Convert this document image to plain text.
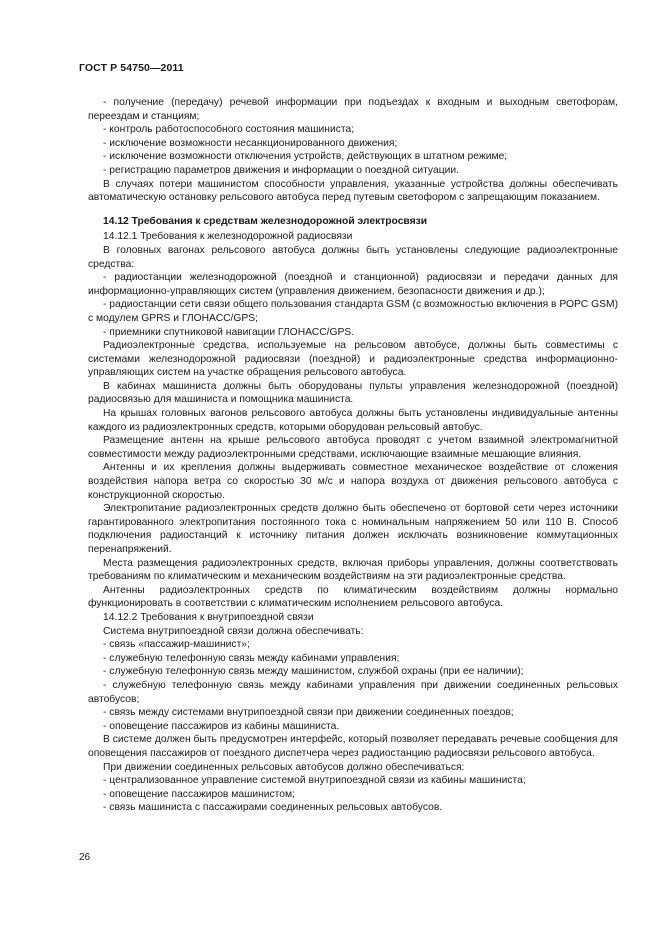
ГОСТ Р 54750—2011

- получение (передачу) речевой информации при подъездах к входным и выходным светофорам, переездам и станциям;

- контроль работоспособного состояния машиниста;

- исключение возможности несанкционированного движения;

- исключение возможности отключения устройств, действующих в штатном режиме;

- регистрацию параметров движения и информации о поездной ситуации.

В случаях потери машинистом способности управления, указанные устройства должны обеспечивать автоматическую остановку рельсового автобуса перед путевым светофором с запрещающим показанием.

14.12 Требования к средствам железнодорожной электросвязи

14.12.1 Требования к железнодорожной радиосвязи

В головных вагонах рельсового автобуса должны быть установлены следующие радиоэлектронные средства:

- радиостанции железнодорожной (поездной и станционной) радиосвязи и передачи данных для информационно-управляющих систем (управления движением, безопасности движения и др.);

- радиостанции сети связи общего пользования стандарта GSM (с возможностью включения в РОРС GSM) с модулем GPRS и ГЛОНАСС/GPS;

- приемники спутниковой навигации ГЛОНАСС/GPS.

Радиоэлектронные средства, используемые на рельсовом автобусе, должны быть совместимы с системами железнодорожной радиосвязи (поездной) и радиоэлектронные средства информационно-управляющих систем на участке обращения рельсового автобуса.

В кабинах машиниста должны быть оборудованы пульты управления железнодорожной (поездной) радиосвязью для машиниста и помощника машиниста.

На крышах головных вагонов рельсового автобуса должны быть установлены индивидуальные антенны каждого из радиоэлектронных средств, которыми оборудован рельсовый автобус.

Размещение антенн на крыше рельсового автобуса проводят с учетом взаимной электромагнитной совместимости между радиоэлектронными средствами, исключающие взаимные мешающие влияния.

Антенны и их крепления должны выдерживать совместное механическое воздействие от сложения воздействия напора ветра со скоростью 30 м/с и напора воздуха от движения рельсового автобуса с конструкционной скоростью.

Электропитание радиоэлектронных средств должно быть обеспечено от бортовой сети через источники гарантированного электропитания постоянного тока с номинальным напряжением 50 или 110 В. Способ подключения радиостанций к источнику питания должен исключать возникновение коммутационных перенапряжений.

Места размещения радиоэлектронных средств, включая приборы управления, должны соответствовать требованиям по климатическим и механическим воздействиям на эти радиоэлектронные средства.

Антенны радиоэлектронных средств по климатическим воздействиям должны нормально функционировать в соответствии с климатическим исполнением рельсового автобуса.

14.12.2 Требования к внутрипоездной связи

Система внутрипоездной связи должна обеспечивать:

- связь «пассажир-машинист»;

- служебную телефонную связь между кабинами управления;

- служебную телефонную связь между машинистом, службой охраны (при ее наличии);

- служебную телефонную связь между кабинами управления при движении соединенных рельсовых автобусов;

- связь между системами внутрипоездной связи при движении соединенных поездов;

- оповещение пассажиров из кабины машиниста.

В системе должен быть предусмотрен интерфейс, который позволяет передавать речевые сообщения для оповещения пассажиров от поездного диспетчера через радиостанцию радиосвязи рельсового автобуса.

При движении соединенных рельсовых автобусов должно обеспечиваться:

- централизованное управление системой внутрипоездной связи из кабины машиниста;

- оповещение пассажиров машинистом;

- связь машиниста с пассажирами соединенных рельсовых автобусов.

26
